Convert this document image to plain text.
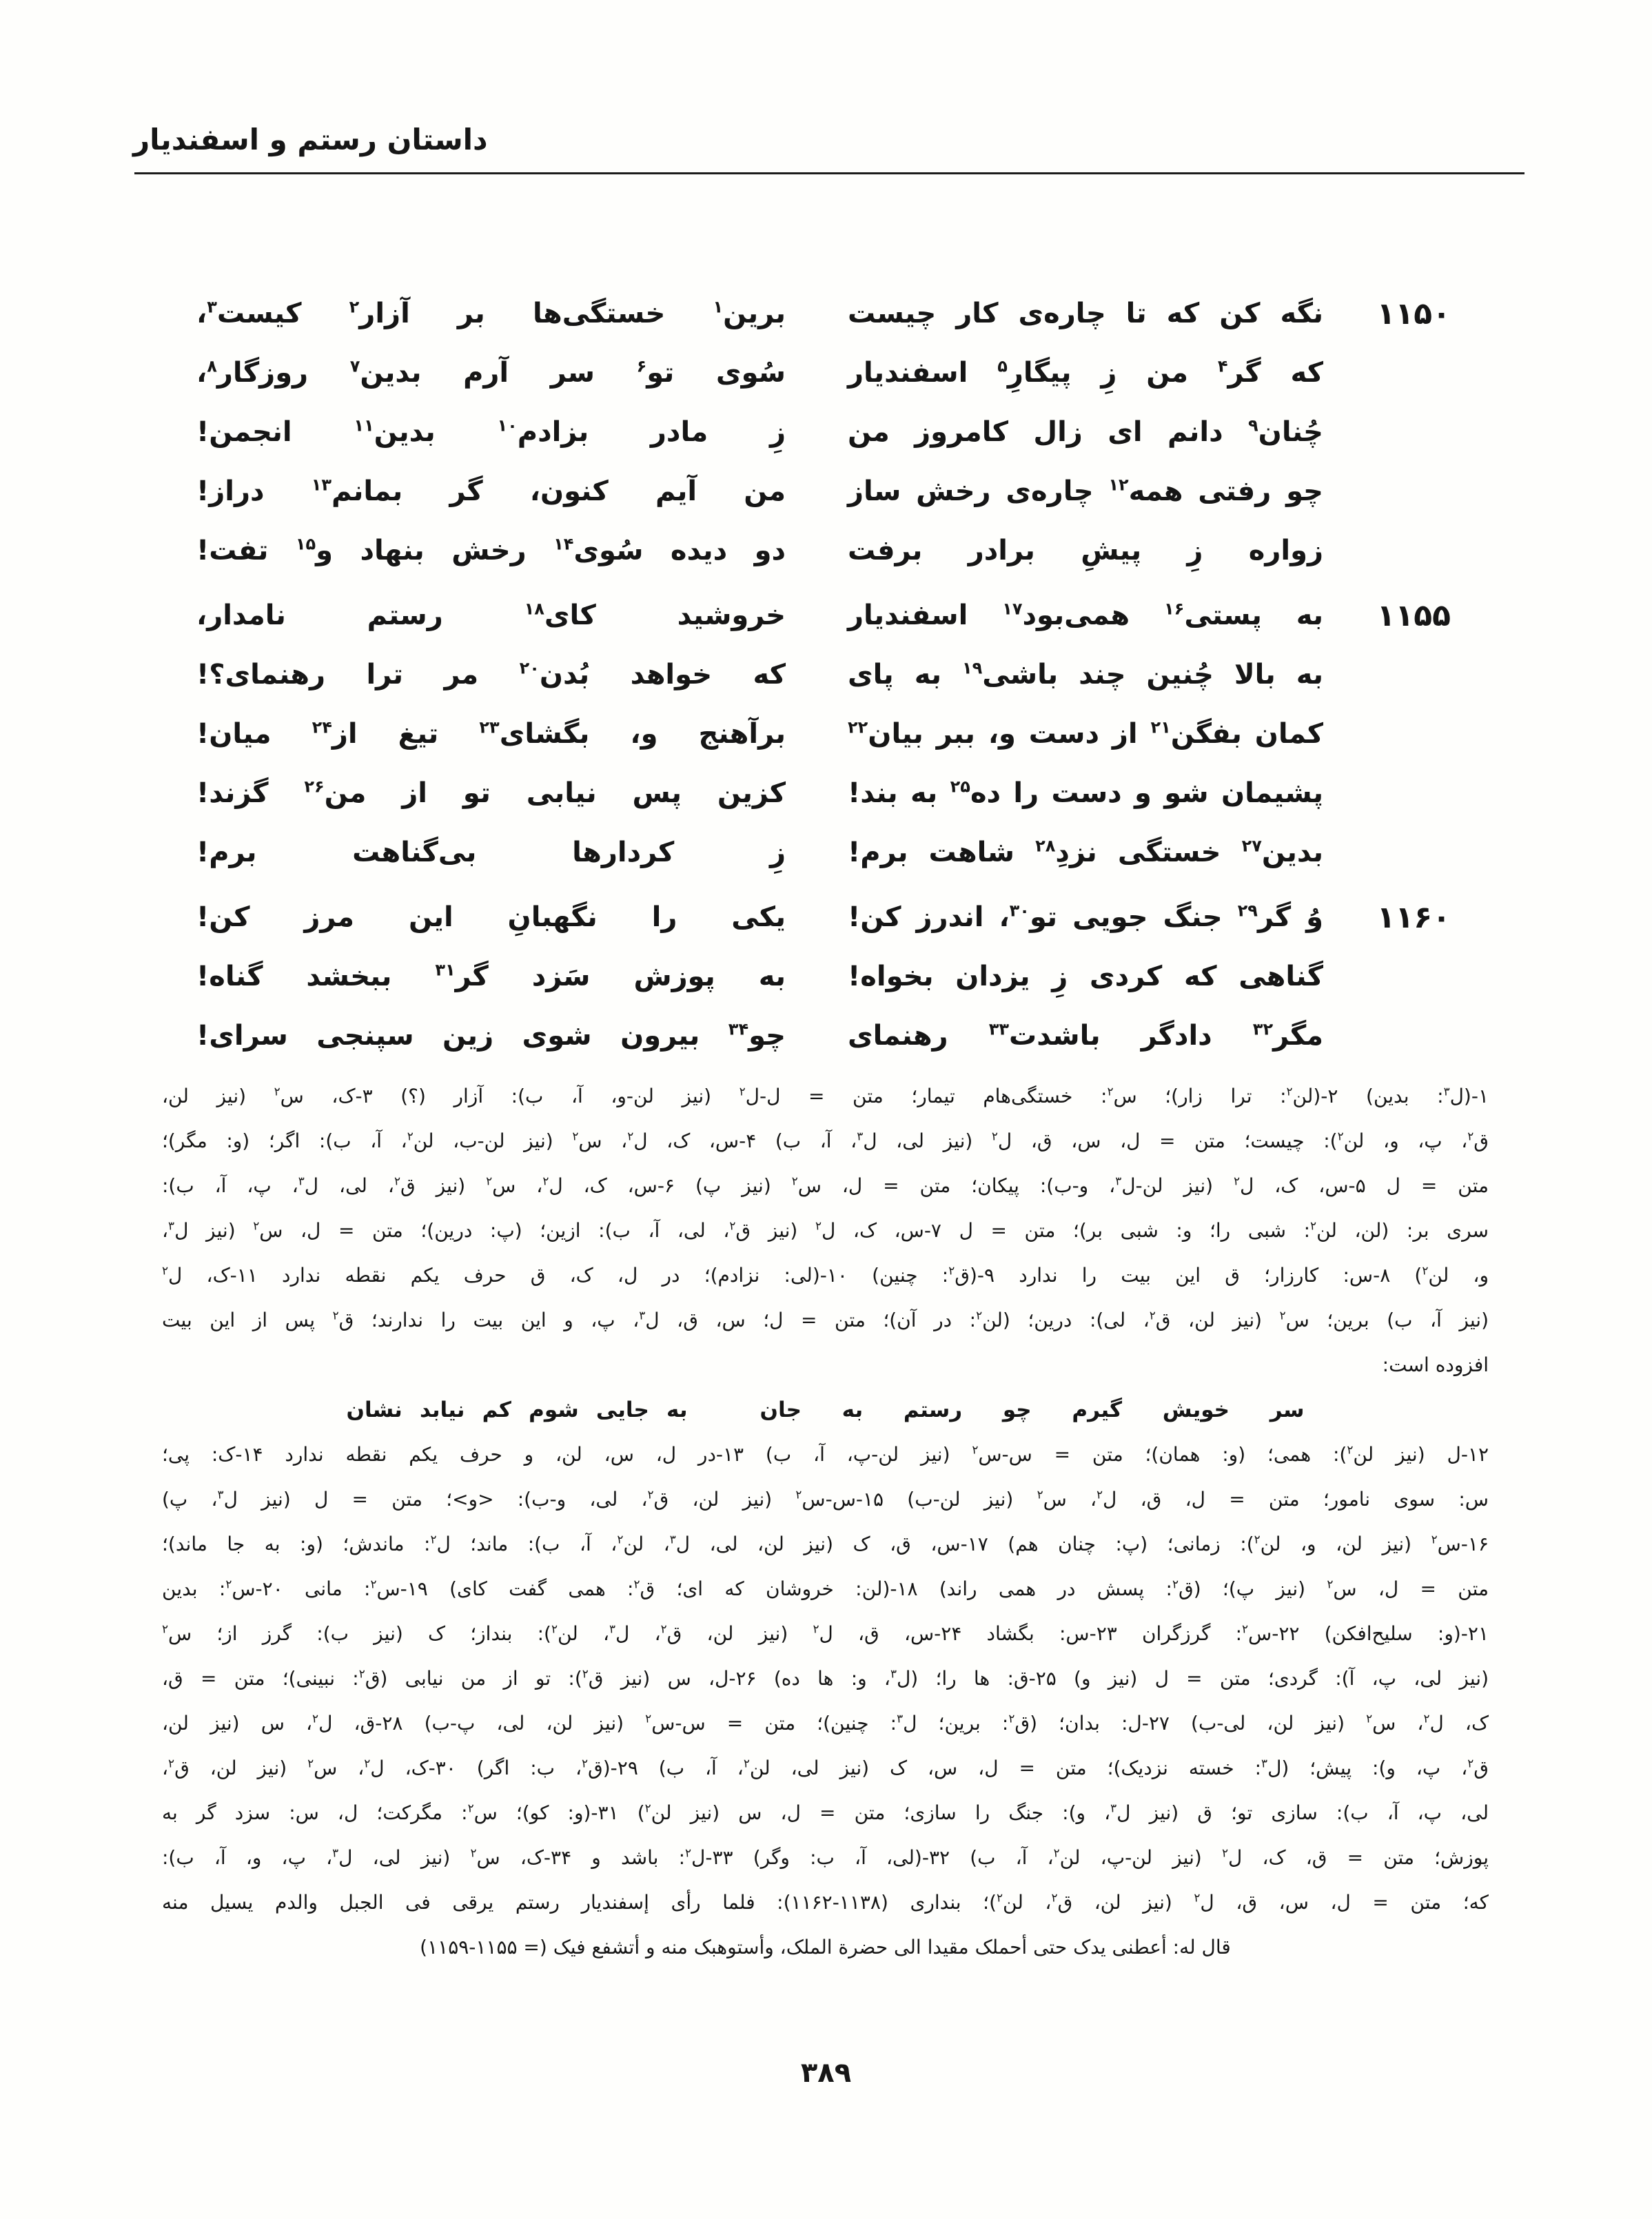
داستان رستم و اسفندیار
۱۱۵۰
نگه کن که تا چاره‌ی کار چیست
برین$^۱$ خستگی‌ها بر آزار$^۲$ کیست$^۳$،
که گر$^۴$ من زِ پیگارِ$^۵$ اسفندیار
سُوی تو$^۶$ سر آرم بدین$^۷$ روزگار$^۸$،
چُنان$^۹$ دانم ای زال کامروز من
زِ مادر بزادم$^{۱۰}$ بدین$^{۱۱}$ انجمن!
چو رفتی همه$^{۱۲}$ چاره‌ی رخش ساز
من آیم کنون، گر بمانم$^{۱۳}$ دراز!
زواره زِ پیشِ برادر برفت
دو دیده سُوی$^{۱۴}$ رخش بنهاد و$^{۱۵}$ تفت!
۱۱۵۵
به پستی$^{۱۶}$ همی‌بود$^{۱۷}$ اسفندیار
خروشید کای$^{۱۸}$ رستم نامدار،
به بالا چُنین چند باشی$^{۱۹}$ به پای
که خواهد بُدن$^{۲۰}$ مر ترا رهنمای؟!
کمان بفگن$^{۲۱}$ از دست و، ببر بیان$^{۲۲}$
برآهنج و، بگشای$^{۲۳}$ تیغ از$^{۲۴}$ میان!
پشیمان شو و دست را ده$^{۲۵}$ به بند!
کزین پس نیابی تو از من$^{۲۶}$ گزند!
بدین$^{۲۷}$ خستگی نزدِ$^{۲۸}$ شاهت برم!
زِ کردارها بی‌گناهت برم!
۱۱۶۰
وُ گر$^{۲۹}$ جنگ جویی تو$^{۳۰}$، اندرز کن!
یکی را نگهبانِ این مرز کن!
گناهی که کردی زِ یزدان بخواه!
به پوزش سَزد گر$^{۳۱}$ ببخشد گناه!
مگر$^{۳۲}$ دادگر باشدت$^{۳۳}$ رهنمای
چو$^{۳۴}$ بیرون شوی زین سپنجی سرای!
۱-(ل$^۳$: بدین) ۲-(لن$^۲$: ترا زار)؛ س$^۲$: خستگی‌هام تیمار؛ متن = ل-ل$^۲$ (نیز لن-و، آ، ب): آزار (؟) ۳-ک، س$^۲$ (نیز لن،
ق$^۲$، پ، و، لن$^۲$): چیست؛ متن = ل، س، ق، ل$^۲$ (نیز لی، ل$^۳$، آ، ب) ۴-س، ک، ل$^۲$، س$^۲$ (نیز لن-ب، لن$^۲$، آ، ب): اگر؛ (و: مگر)؛
متن = ل ۵-س، ک، ل$^۲$ (نیز لن-ل$^۳$، و-ب): پیکان؛ متن = ل، س$^۲$ (نیز پ) ۶-س، ک، ل$^۲$، س$^۲$ (نیز ق$^۲$، لی، ل$^۳$، پ، آ، ب):
سری بر: (لن، لن$^۲$: شبی را؛ و: شبی بر)؛ متن = ل ۷-س، ک، ل$^۲$ (نیز ق$^۲$، لی، آ، ب): ازین؛ (پ: درین)؛ متن = ل، س$^۲$ (نیز ل$^۳$،
و، لن$^۲$) ۸-س: کارزار؛ ق این بیت را ندارد ۹-(ق$^۲$: چنین) ۱۰-(لی: نزادم)؛ در ل، ک، ق حرف یکم نقطه ندارد ۱۱-ک، ل$^۲$
(نیز آ، ب) برین؛ س$^۲$ (نیز لن، ق$^۲$، لی): درین؛ (لن$^۲$: در آن)؛ متن = ل؛ س، ق، ل$^۳$، پ، و این بیت را ندارند؛ ق$^۲$ پس از این بیت
افزوده است:
سر خویش گیرم چو رستم به جان
به جایی شوم کم نیابد نشان
۱۲-ل (نیز لن$^۲$): همی؛ (و: همان)؛ متن = س-س$^۲$ (نیز لن-پ، آ، ب) ۱۳-در ل، س، لن، و حرف یکم نقطه ندارد ۱۴-ک: پی؛
س: سوی نامور؛ متن = ل، ق، ل$^۲$، س$^۲$ (نیز لن-ب) ۱۵-س-س$^۲$ (نیز لن، ق$^۲$، لی، و-ب): <و>؛ متن = ل (نیز ل$^۳$، پ)
۱۶-س$^۲$ (نیز لن، و، لن$^۲$): زمانی؛ (پ: چنان هم) ۱۷-س، ق، ک (نیز لن، لی، ل$^۳$، لن$^۲$، آ، ب): ماند؛ ل$^۲$: ماندش؛ (و: به جا ماند)؛
متن = ل، س$^۲$ (نیز پ)؛ (ق$^۲$: پسش در همی راند) ۱۸-(لن: خروشان که ای؛ ق$^۲$: همی گفت کای) ۱۹-س$^۲$: مانی ۲۰-س$^۲$: بدین
۲۱-(و: سلیح‌افکن) ۲۲-س$^۲$: گرزگران ۲۳-س: بگشاد ۲۴-س، ق، ل$^۲$ (نیز لن، ق$^۲$، ل$^۳$، لن$^۲$): بنداز؛ ک (نیز ب): گرز از؛ س$^۲$
(نیز لی، پ، آ): گردی؛ متن = ل (نیز و) ۲۵-ق: ها را؛ (ل$^۳$، و: ها ده) ۲۶-ل، س (نیز ق$^۲$): تو از من نیابی (ق$^۲$: نبینی)؛ متن = ق،
ک، ل$^۲$، س$^۲$ (نیز لن، لی-ب) ۲۷-ل: بدان؛ (ق$^۲$: برین؛ ل$^۳$: چنین)؛ متن = س-س$^۲$ (نیز لن، لی، پ-ب) ۲۸-ق، ل$^۲$، س (نیز لن،
ق$^۲$، پ، و): پیش؛ (ل$^۳$: خسته نزدیک)؛ متن = ل، س، ک (نیز لی، لن$^۲$، آ، ب) ۲۹-(ق$^۲$، ب: اگر) ۳۰-ک، ل$^۲$، س$^۲$ (نیز لن، ق$^۲$،
لی، پ، آ، ب): سازی تو؛ ق (نیز ل$^۳$، و): جنگ را سازی؛ متن = ل، س (نیز لن$^۲$) ۳۱-(و: کو)؛ س$^۲$: مگرکت؛ ل، س: سزد گر به
پوزش؛ متن = ق، ک، ل$^۲$ (نیز لن-پ، لن$^۲$، آ، ب) ۳۲-(لی، آ، ب: وگر) ۳۳-ل$^۲$: باشد و ۳۴-ک، س$^۲$ (نیز لی، ل$^۳$، پ، و، آ، ب):
که؛ متن = ل، س، ق، ل$^۲$ (نیز لن، ق$^۲$، لن$^۲$)؛ بنداری (۱۱۳۸-۱۱۶۲): فلما رأی إسفندیار رستم یرقی فی الجبل والدم یسیل منه
قال له: أعطنی یدک حتی أحملک مقیدا الی حضرة الملک، وأستوهبک منه و أتشفع فیک (= ۱۱۵۵-۱۱۵۹)
۳۸۹
